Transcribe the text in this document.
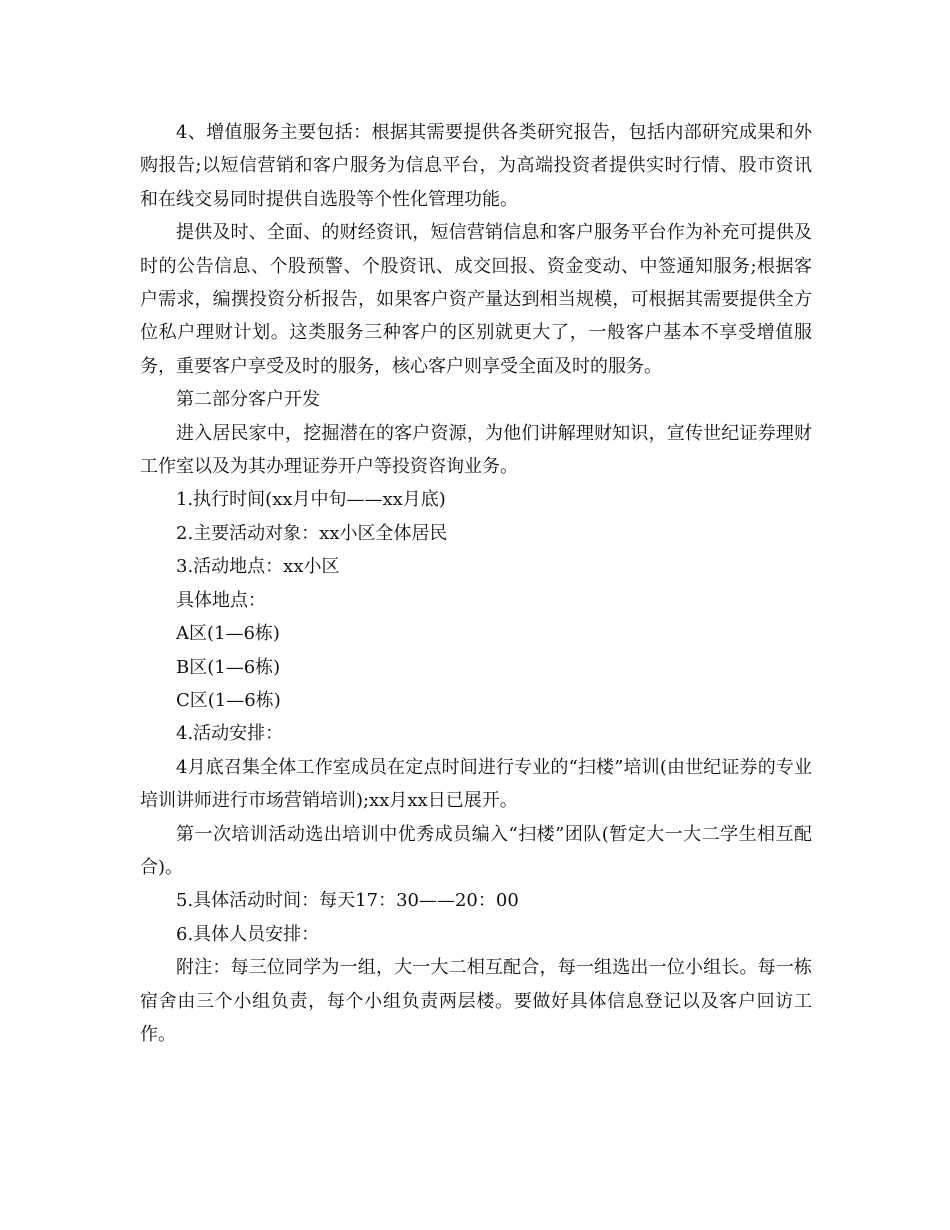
4、增值服务主要包括：根据其需要提供各类研究报告，包括内部研究成果和外购报告;以短信营销和客户服务为信息平台，为高端投资者提供实时行情、股市资讯和在线交易同时提供自选股等个性化管理功能。

提供及时、全面、的财经资讯，短信营销信息和客户服务平台作为补充可提供及时的公告信息、个股预警、个股资讯、成交回报、资金变动、中签通知服务;根据客户需求，编撰投资分析报告，如果客户资产量达到相当规模，可根据其需要提供全方位私户理财计划。这类服务三种客户的区别就更大了，一般客户基本不享受增值服务，重要客户享受及时的服务，核心客户则享受全面及时的服务。

第二部分客户开发

进入居民家中，挖掘潜在的客户资源，为他们讲解理财知识，宣传世纪证券理财工作室以及为其办理证券开户等投资咨询业务。

1.执行时间(xx月中旬——xx月底)

2.主要活动对象：xx小区全体居民

3.活动地点：xx小区

具体地点：

A区(1—6栋)

B区(1—6栋)

C区(1—6栋)

4.活动安排：

4月底召集全体工作室成员在定点时间进行专业的“扫楼”培训(由世纪证券的专业培训讲师进行市场营销培训);xx月xx日已展开。

第一次培训活动选出培训中优秀成员编入“扫楼”团队(暂定大一大二学生相互配合)。

5.具体活动时间：每天17：30——20：00

6.具体人员安排：

附注：每三位同学为一组，大一大二相互配合，每一组选出一位小组长。每一栋宿舍由三个小组负责，每个小组负责两层楼。要做好具体信息登记以及客户回访工作。
